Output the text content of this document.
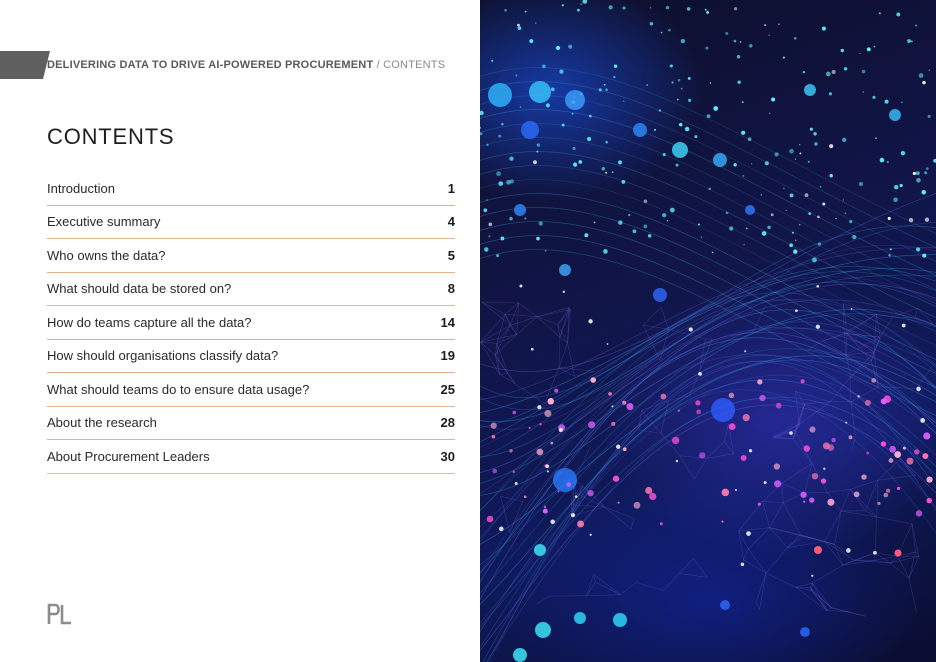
DELIVERING DATA TO DRIVE AI-POWERED PROCUREMENT / CONTENTS
CONTENTS
Introduction	1
Executive summary	4
Who owns the data?	5
What should data be stored on?	8
How do teams capture all the data?	14
How should organisations classify data?	19
What should teams do to ensure data usage?	25
About the research	28
About Procurement Leaders	30
